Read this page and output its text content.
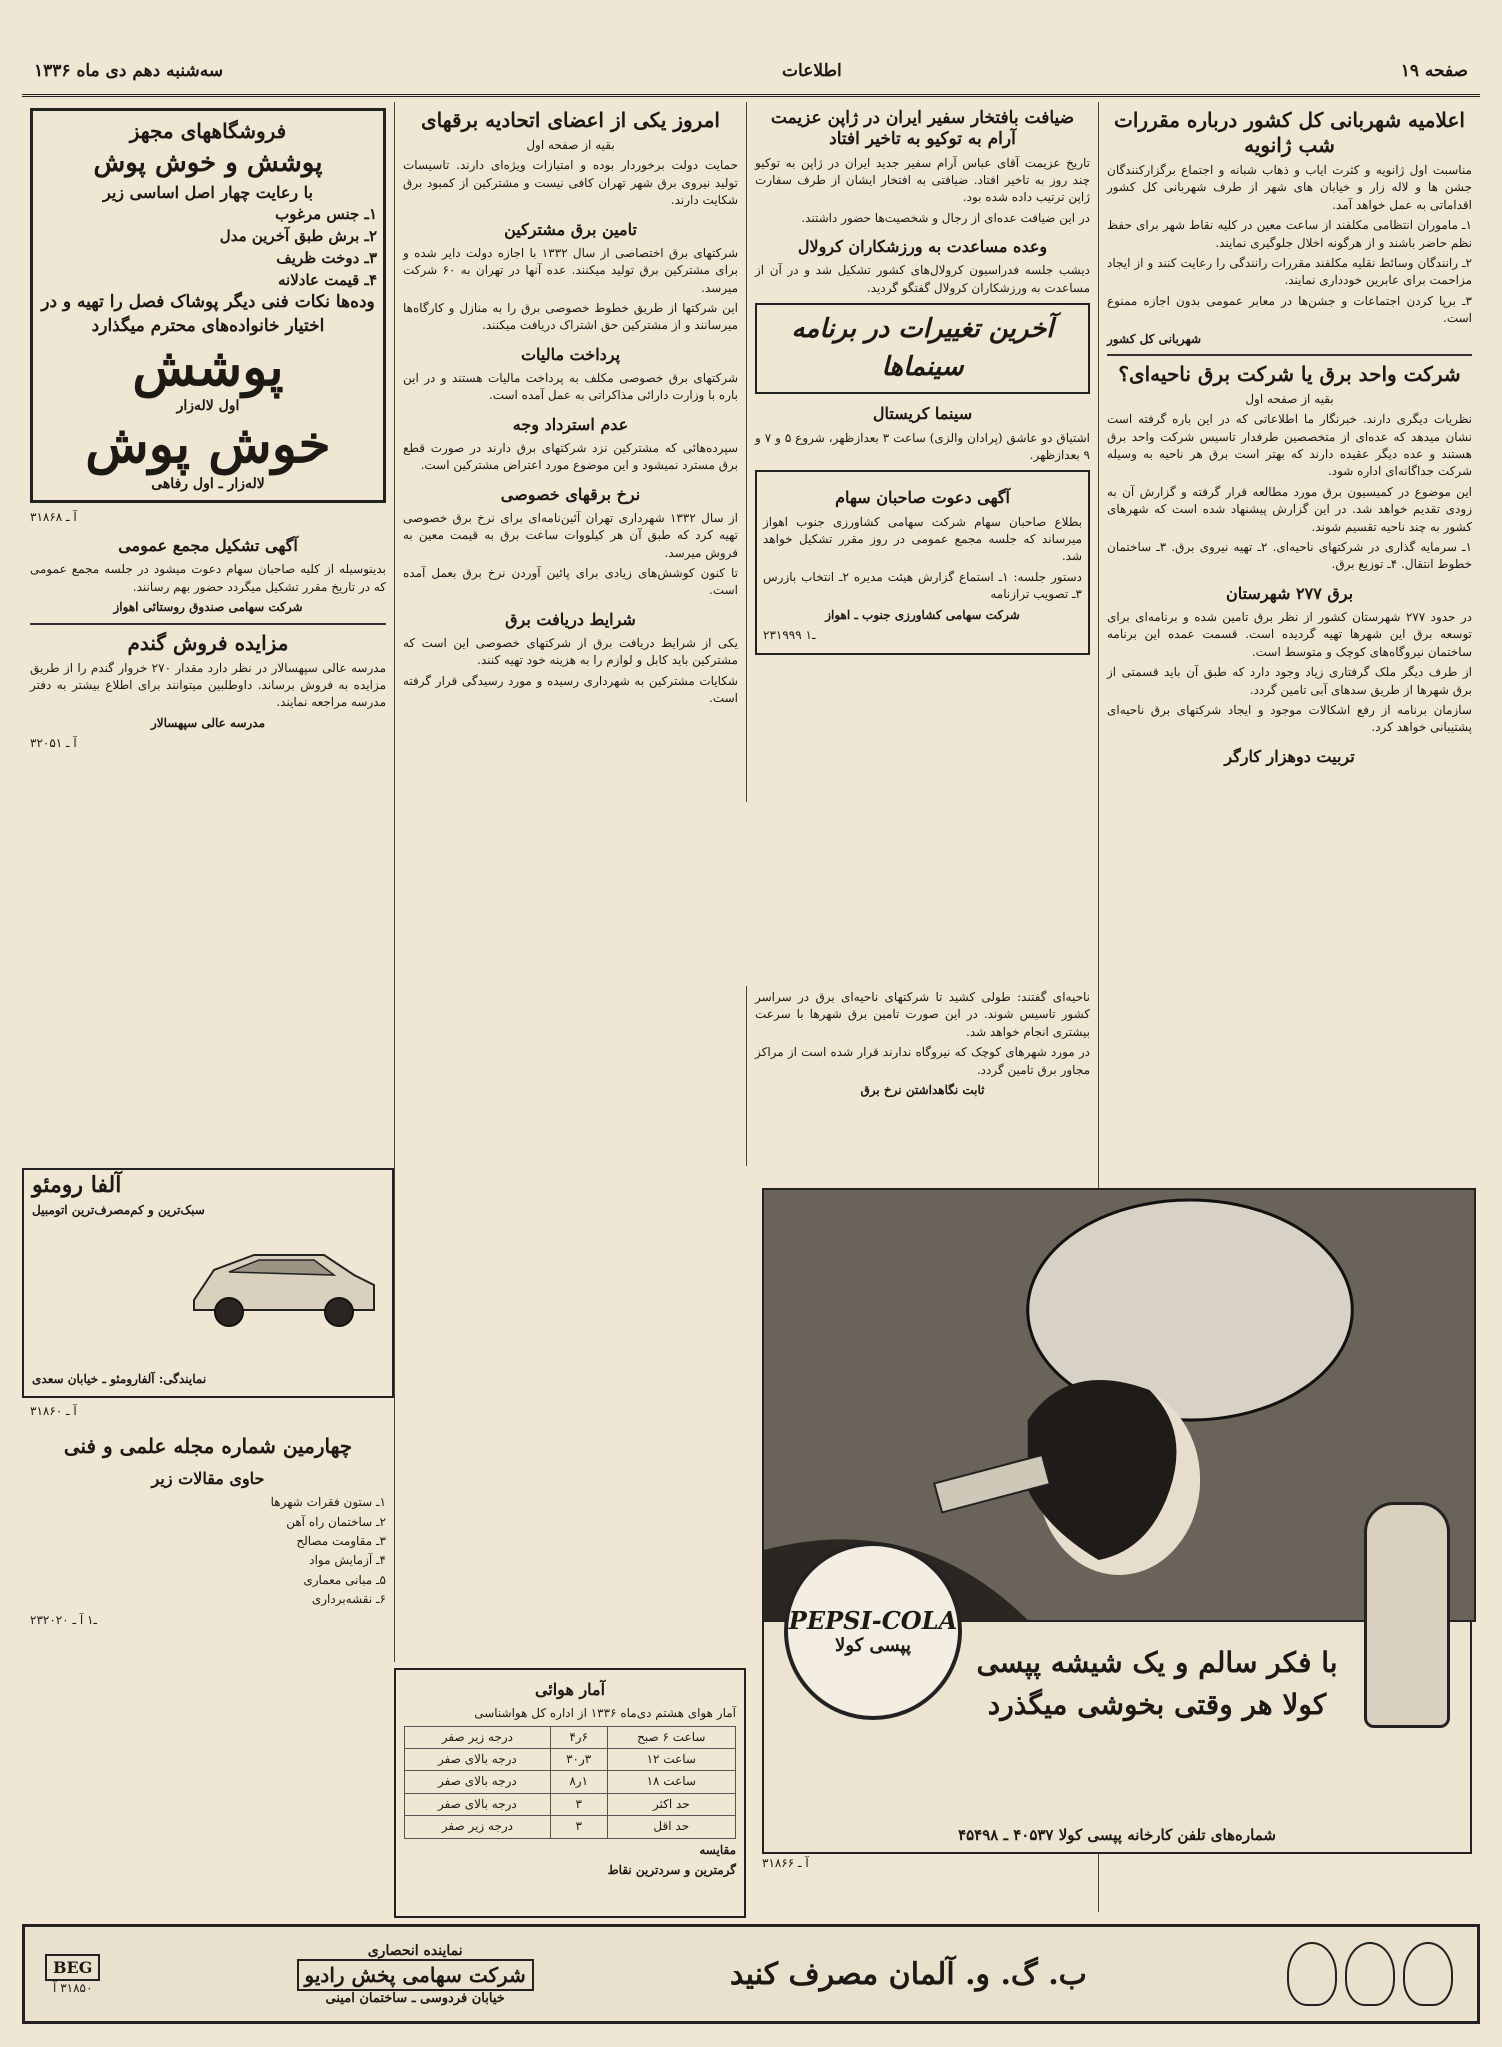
صفحه ۱۹
اطلاعات
سه‌شنبه دهم دی ماه ۱۳۳۶
اعلامیه شهربانی کل کشور درباره مقررات شب ژانویه

مناسبت اول ژانویه و کثرت ایاب و ذهاب شبانه و اجتماع برگزارکنندگان جشن ها و لاله زار و خیابان های شهر از طرف شهربانی کل کشور اقداماتی به عمل خواهد آمد.

۱ـ ماموران انتظامی مکلفند از ساعت معین در کلیه نقاط شهر برای حفظ نظم حاضر باشند و از هرگونه اخلال جلوگیری نمایند.

۲ـ رانندگان وسائط نقلیه مکلفند مقررات رانندگی را رعایت کنند و از ایجاد مزاحمت برای عابرین خودداری نمایند.

۳ـ برپا کردن اجتماعات و جشن‌ها در معابر عمومی بدون اجازه ممنوع است.

شهربانی کل کشور

شرکت واحد برق یا شرکت برق ناحیه‌ای؟

بقیه از صفحه اول

نظریات دیگری دارند. خبرنگار ما اطلاعاتی که در این باره گرفته است نشان میدهد که عده‌ای از متخصصین طرفدار تاسیس شرکت واحد برق هستند و عده دیگر عقیده دارند که بهتر است برق هر ناحیه به وسیله شرکت جداگانه‌ای اداره شود.

این موضوع در کمیسیون برق مورد مطالعه قرار گرفته و گزارش آن به زودی تقدیم خواهد شد. در این گزارش پیشنهاد شده است که شهرهای کشور به چند ناحیه تقسیم شوند.

۱ـ سرمایه گذاری در شرکتهای ناحیه‌ای. ۲ـ تهیه نیروی برق. ۳ـ ساختمان خطوط انتقال. ۴ـ توزیع برق.

برق ۲۷۷ شهرستان

در حدود ۲۷۷ شهرستان کشور از نظر برق تامین شده و برنامه‌ای برای توسعه برق این شهرها تهیه گردیده است. قسمت عمده این برنامه ساختمان نیروگاه‌های کوچک و متوسط است.

از طرف دیگر ملک گرفتاری زیاد وجود دارد که طبق آن باید قسمتی از برق شهرها از طریق سدهای آبی تامین گردد.

سازمان برنامه از رفع اشکالات موجود و ایجاد شرکتهای برق ناحیه‌ای پشتیبانی خواهد کرد.

تربیت دوهزار کارگر
ضیافت بافتخار سفیر ایران در ژاپن عزیمت آرام به توکیو به تاخیر افتاد

تاریخ عزیمت آقای عباس آرام سفیر جدید ایران در ژاپن به توکیو چند روز به تاخیر افتاد. ضیافتی به افتخار ایشان از طرف سفارت ژاپن ترتیب داده شده بود.

در این ضیافت عده‌ای از رجال و شخصیت‌ها حضور داشتند.

وعده مساعدت به ورزشکاران کرولال

دیشب جلسه فدراسیون کرولال‌های کشور تشکیل شد و در آن از مساعدت به ورزشکاران کرولال گفتگو گردید.

آخرین تغییرات در برنامه سینماها
سینما کریستال

اشتیاق دو عاشق (پرادان والزی) ساعت ۳ بعدازظهر، شروع ۵ و ۷ و ۹ بعدازظهر.

آگهی دعوت صاحبان سهام

بطلاع صاحبان سهام شرکت سهامی کشاورزی جنوب اهواز میرساند که جلسه مجمع عمومی در روز مقرر تشکیل خواهد شد.

دستور جلسه: ۱ـ استماع گزارش هیئت مدیره ۲ـ انتخاب بازرس ۳ـ تصویب ترازنامه

شرکت سهامی کشاورزی جنوب ـ اهواز

۲ـ۱ ۳۱۹۹۹

ناحیه‌ای گفتند: طولی کشید تا شرکتهای ناحیه‌ای برق در سراسر کشور تاسیس شوند. در این صورت تامین برق شهرها با سرعت بیشتری انجام خواهد شد.

در مورد شهرهای کوچک که نیروگاه ندارند قرار شده است از مراکز مجاور برق تامین گردد.

ثابت نگاهداشتن نرخ برق

امروز یکی از اعضای اتحادیه برقهای

بقیه از صفحه اول

حمایت دولت برخوردار بوده و امتیازات ویژه‌ای دارند. تاسیسات تولید نیروی برق شهر تهران کافی نیست و مشترکین از کمبود برق شکایت دارند.

تامین برق مشترکین

شرکتهای برق اختصاصی از سال ۱۳۳۲ با اجازه دولت دایر شده و برای مشترکین برق تولید میکنند. عده آنها در تهران به ۶۰ شرکت میرسد.

این شرکتها از طریق خطوط خصوصی برق را به منازل و کارگاه‌ها میرسانند و از مشترکین حق اشتراک دریافت میکنند.

پرداخت مالیات

شرکتهای برق خصوصی مکلف به پرداخت مالیات هستند و در این باره با وزارت دارائی مذاکراتی به عمل آمده است.

عدم استرداد وجه

سپرده‌هائی که مشترکین نزد شرکتهای برق دارند در صورت قطع برق مسترد نمیشود و این موضوع مورد اعتراض مشترکین است.

نرخ برقهای خصوصی

از سال ۱۳۳۲ شهرداری تهران آئین‌نامه‌ای برای نرخ برق خصوصی تهیه کرد که طبق آن هر کیلووات ساعت برق به قیمت معین به فروش میرسد.

تا کنون کوشش‌های زیادی برای پائین آوردن نرخ برق بعمل آمده است.

شرایط دریافت برق

یکی از شرایط دریافت برق از شرکتهای خصوصی این است که مشترکین باید کابل و لوازم را به هزینه خود تهیه کنند.

شکایات مشترکین به شهرداری رسیده و مورد رسیدگی قرار گرفته است.

آمار هوائی

آمار هوای هشتم دی‌ماه ۱۳۳۶ از اداره کل هواشناسی

ساعت ۶ صبح	۶ر۴	درجه زیر صفر
ساعت ۱۲	۳ر۳۰	درجه بالای صفر
ساعت ۱۸	۱ر۸	درجه بالای صفر
حد اکثر	۳	درجه بالای صفر
حد اقل	۳	درجه زیر صفر

مقایسه

گرمترین و سردترین نقاط

فروشگاههای مجهز
پوشش و خوش پوش
با رعایت چهار اصل اساسی زیر
۱ـ جنس مرغوب
۲ـ برش طبق آخرین مدل
۳ـ دوخت ظریف
۴ـ قیمت عادلانه
وده‌ها نکات فنی دیگر پوشاک فصل را تهیه و در اختیار خانواده‌های محترم میگذارد
پوشش
اول لاله‌زار
خوش پوش
لاله‌زار ـ اول رفاهی

آ ـ ۳۱۸۶۸

آگهی تشکیل مجمع عمومی

بدینوسیله از کلیه صاحبان سهام دعوت میشود در جلسه مجمع عمومی که در تاریخ مقرر تشکیل میگردد حضور بهم رسانند.

شرکت سهامی صندوق روستائی اهواز

مزایده فروش گندم

مدرسه عالی سپهسالار در نظر دارد مقدار ۲۷۰ خروار گندم را از طریق مزایده به فروش برساند. داوطلبین میتوانند برای اطلاع بیشتر به دفتر مدرسه مراجعه نمایند.

مدرسه عالی سپهسالار

آ ـ ۳۲۰۵۱

آلفا رومئو
سبک‌ترین و کم‌مصرف‌ترین اتومبیل
نمایندگی: آلفارومئو ـ خیابان سعدی

آ ـ ۳۱۸۶۰

چهارمین شماره مجله علمی و فنی
حاوی مقالات زیر
۱ـ ستون فقرات شهرها
۲ـ ساختمان راه آهن
۳ـ مقاومت مصالح
۴ـ آزمایش مواد
۵ـ مبانی معماری
۶ـ نقشه‌برداری

۲ـ۱ آ ـ ۳۲۰۲۰	PEPSI-COLA
پپسی کولا
با فکر سالم و یک شیشه پپسی کولا هر وقتی بخوشی میگذرد
شماره‌های تلفن کارخانه پپسی کولا ۴۰۵۳۷ ـ ۴۵۴۹۸

آ ـ ۳۱۸۶۶

ب. گ. و. آلمان مصرف کنید
نماینده انحصاری
شرکت سهامی پخش رادیو
خیابان فردوسی ـ ساختمان امینی
BEG
۳۱۸۵۰ آ
